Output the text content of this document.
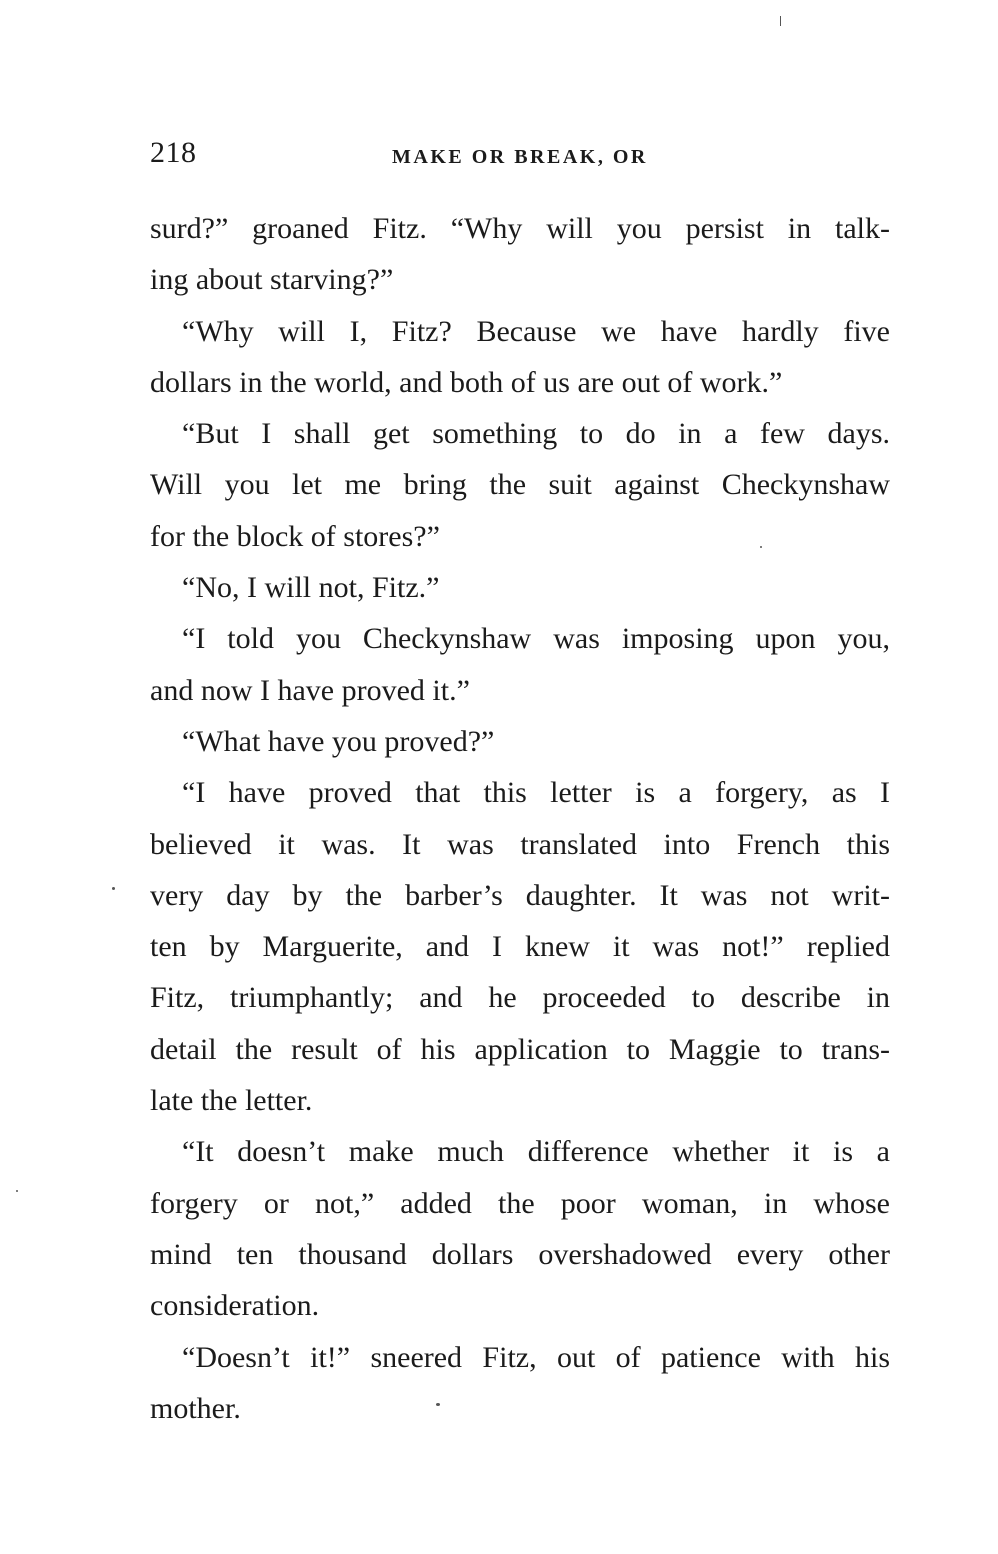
218	MAKE OR BREAK, OR
surd?” groaned Fitz. “Why will you persist in talk-
ing about starving?”
“Why will I, Fitz? Because we have hardly five
dollars in the world, and both of us are out of work.”
“But I shall get something to do in a few days.
Will you let me bring the suit against Checkynshaw
for the block of stores?”
“No, I will not, Fitz.”
“I told you Checkynshaw was imposing upon you,
and now I have proved it.”
“What have you proved?”
“I have proved that this letter is a forgery, as I
believed it was. It was translated into French this
very day by the barber’s daughter. It was not writ-
ten by Marguerite, and I knew it was not!” replied
Fitz, triumphantly; and he proceeded to describe in
detail the result of his application to Maggie to trans-
late the letter.
“It doesn’t make much difference whether it is a
forgery or not,” added the poor woman, in whose
mind ten thousand dollars overshadowed every other
consideration.
“Doesn’t it!” sneered Fitz, out of patience with his
mother.
